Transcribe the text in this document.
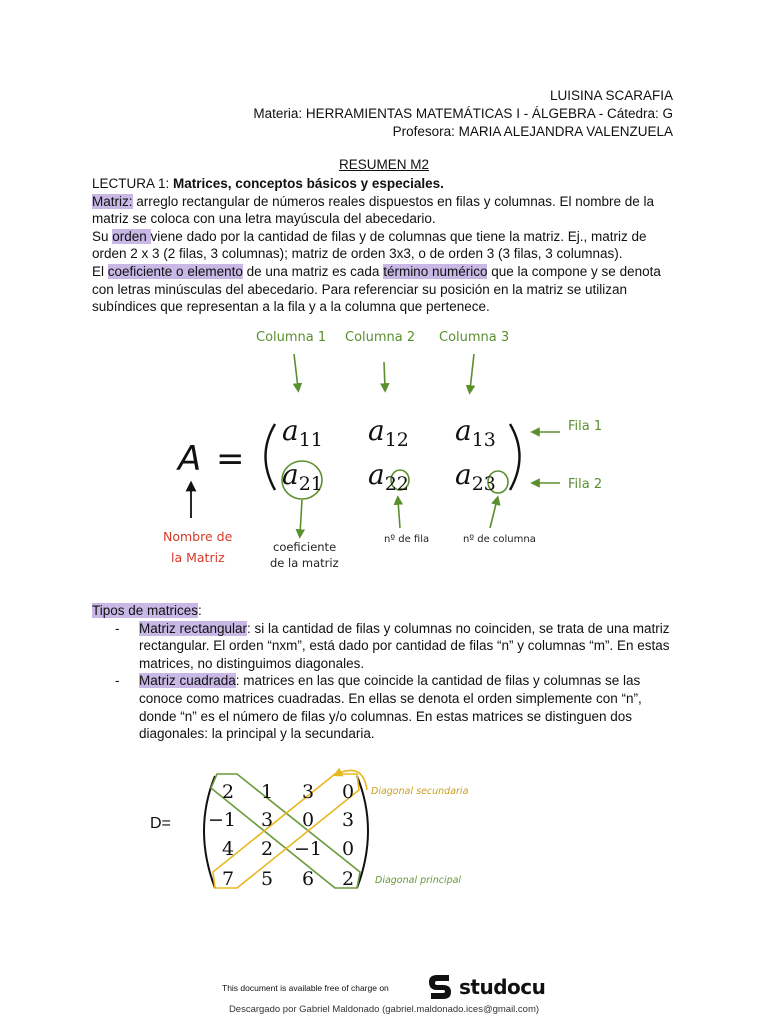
LUISINA SCARAFIA
Materia: HERRAMIENTAS MATEMÁTICAS I - ÁLGEBRA - Cátedra: G
Profesora: MARIA ALEJANDRA VALENZUELA
RESUMEN M2

LECTURA 1: Matrices, conceptos básicos y especiales.

Matriz: arreglo rectangular de números reales dispuestos en filas y columnas. El nombre de la matriz se coloca con una letra mayúscula del abecedario.

Su orden viene dado por la cantidad de filas y de columnas que tiene la matriz. Ej., matriz de orden 2 x 3 (2 filas, 3 columnas); matriz de orden 3x3, o de orden 3 (3 filas, 3 columnas).

El coeficiente o elemento de una matriz es cada término numérico que la compone y se denota con letras minúsculas del abecedario. Para referenciar su posición en la matriz se utilizan subíndices que representan a la fila y a la columna que pertenece.

Columna 1 Columna 2 Columna 3
Fila 1
Fila 2
A =
$a_{11}$ $a_{12}$ $a_{13}$
$a_{21}$ $a_{22}$ $a_{23}$
Nombre de
la Matriz
coeficiente
de la matriz
nº de fila	nº de columna

Tipos de matrices:

- Matriz rectangular: si la cantidad de filas y columnas no coinciden, se trata de una matriz rectangular. El orden “nxm”, está dado por cantidad de filas “n” y columnas “m”. En estas matrices, no distinguimos diagonales.
- Matriz cuadrada: matrices en las que coincide la cantidad de filas y columnas se las conoce como matrices cuadradas. En ellas se denota el orden simplemente con “n”, donde “n” es el número de filas y/o columnas. En estas matrices se distinguen dos diagonales: la principal y la secundaria.
D=
2 1 3 0
−1 3 0 3
4 2 −1 0
7 5 6 2
Diagonal secundaria
Diagonal principal
This document is available free of charge on	studocu
Descargado por Gabriel Maldonado (gabriel.maldonado.ices@gmail.com)
